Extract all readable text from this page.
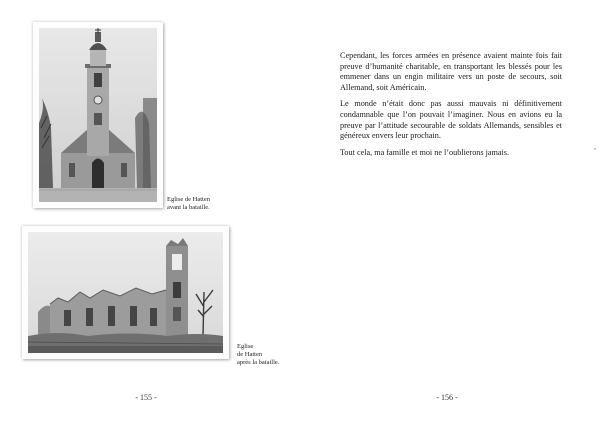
Eglise de Hatten
avant la bataille.
Eglise
de Hatten
après la bataille.
- 155 -

Cependant, les forces armées en présence avaient mainte fois fait preuve d’humanité charitable, en transportant les blessés pour les emmener dans un engin militaire vers un poste de secours, soit Allemand, soit Américain.

Le monde n’était donc pas aussi mauvais ni définitivement condamnable que l’on pouvait l’imaginer. Nous en avions eu la preuve par l’attitude secourable de soldats Allemands, sensibles et généreux envers leur prochain.

Tout cela, ma famille et moi ne l’oublierons jamais.

- 156 -
